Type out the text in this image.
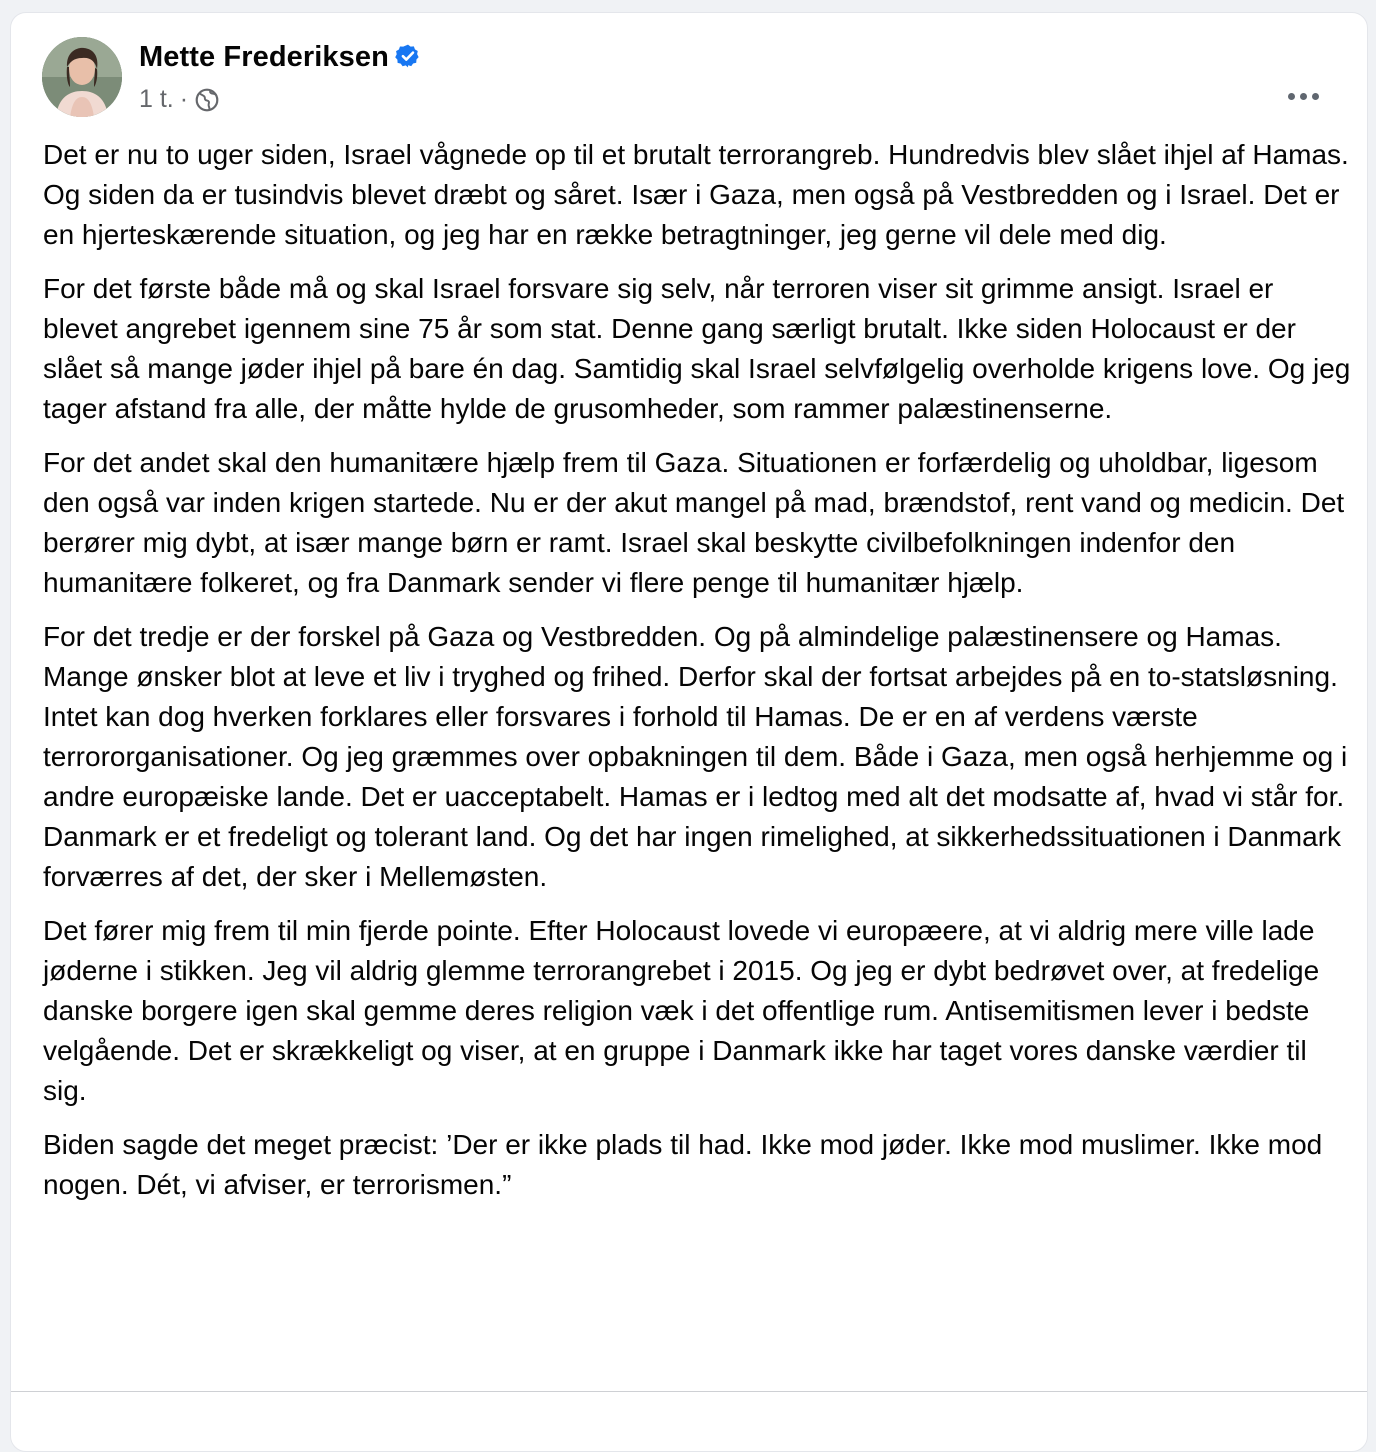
Mette Frederiksen
1 t. ·

Det er nu to uger siden, Israel vågnede op til et brutalt terrorangreb. Hundredvis blev slået ihjel af Hamas. Og siden da er tusindvis blevet dræbt og såret. Især i Gaza, men også på Vestbredden og i Israel. Det er en hjerteskærende situation, og jeg har en række betragtninger, jeg gerne vil dele med dig.

For det første både må og skal Israel forsvare sig selv, når terroren viser sit grimme ansigt. Israel er blevet angrebet igennem sine 75 år som stat. Denne gang særligt brutalt. Ikke siden Holocaust er der slået så mange jøder ihjel på bare én dag. Samtidig skal Israel selvfølgelig overholde krigens love. Og jeg tager afstand fra alle, der måtte hylde de grusomheder, som rammer palæstinenserne.

For det andet skal den humanitære hjælp frem til Gaza. Situationen er forfærdelig og uholdbar, ligesom den også var inden krigen startede. Nu er der akut mangel på mad, brændstof, rent vand og medicin. Det berører mig dybt, at især mange børn er ramt. Israel skal beskytte civilbefolkningen indenfor den humanitære folkeret, og fra Danmark sender vi flere penge til humanitær hjælp.

For det tredje er der forskel på Gaza og Vestbredden. Og på almindelige palæstinensere og Hamas. Mange ønsker blot at leve et liv i tryghed og frihed. Derfor skal der fortsat arbejdes på en to-statsløsning. Intet kan dog hverken forklares eller forsvares i forhold til Hamas. De er en af verdens værste terrororganisationer. Og jeg græmmes over opbakningen til dem. Både i Gaza, men også herhjemme og i andre europæiske lande. Det er uacceptabelt. Hamas er i ledtog med alt det modsatte af, hvad vi står for. Danmark er et fredeligt og tolerant land. Og det har ingen rimelighed, at sikkerhedssituationen i Danmark forværres af det, der sker i Mellemøsten.

Det fører mig frem til min fjerde pointe. Efter Holocaust lovede vi europæere, at vi aldrig mere ville lade jøderne i stikken. Jeg vil aldrig glemme terrorangrebet i 2015. Og jeg er dybt bedrøvet over, at fredelige danske borgere igen skal gemme deres religion væk i det offentlige rum. Antisemitismen lever i bedste velgående. Det er skrækkeligt og viser, at en gruppe i Danmark ikke har taget vores danske værdier til sig.

Biden sagde det meget præcist: ’Der er ikke plads til had. Ikke mod jøder. Ikke mod muslimer. Ikke mod nogen. Dét, vi afviser, er terrorismen.”
